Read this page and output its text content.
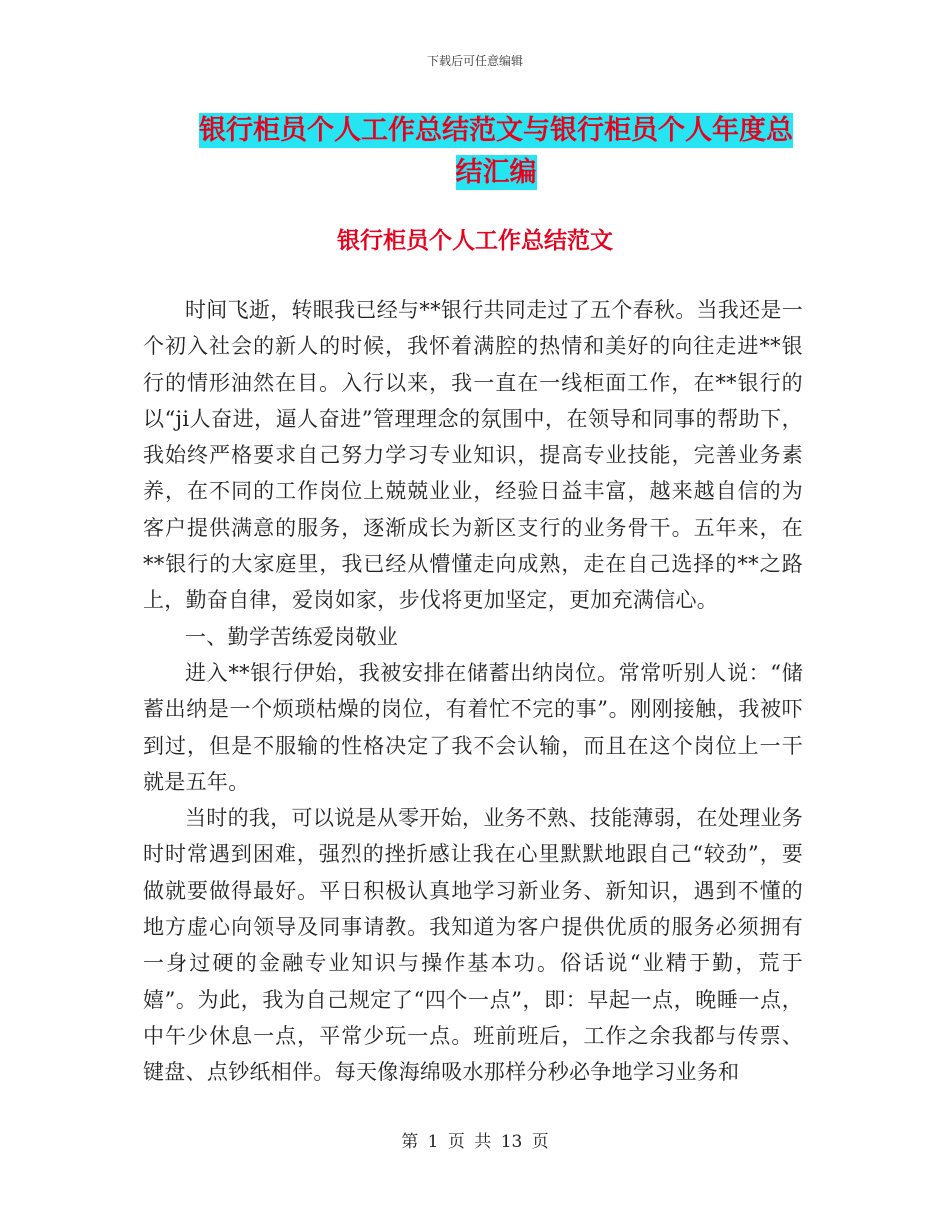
下载后可任意编辑
银行柜员个人工作总结范文与银行柜员个人年度总结汇编
银行柜员个人工作总结范文

时间飞逝，转眼我已经与**银行共同走过了五个春秋。当我还是一个初入社会的新人的时候，我怀着满腔的热情和美好的向往走进**银行的情形油然在目。入行以来，我一直在一线柜面工作，在**银行的以“ji人奋进，逼人奋进”管理理念的氛围中，在领导和同事的帮助下，我始终严格要求自己努力学习专业知识，提高专业技能，完善业务素养，在不同的工作岗位上兢兢业业，经验日益丰富，越来越自信的为客户提供满意的服务，逐渐成长为新区支行的业务骨干。五年来，在**银行的大家庭里，我已经从懵懂走向成熟，走在自己选择的**之路上，勤奋自律，爱岗如家，步伐将更加坚定，更加充满信心。

一、勤学苦练爱岗敬业

进入**银行伊始，我被安排在储蓄出纳岗位。常常听别人说：“储蓄出纳是一个烦琐枯燥的岗位，有着忙不完的事”。刚刚接触，我被吓到过，但是不服输的性格决定了我不会认输，而且在这个岗位上一干就是五年。

当时的我，可以说是从零开始，业务不熟、技能薄弱，在处理业务时时常遇到困难，强烈的挫折感让我在心里默默地跟自己“较劲”，要做就要做得最好。平日积极认真地学习新业务、新知识，遇到不懂的地方虚心向领导及同事请教。我知道为客户提供优质的服务必须拥有一身过硬的金融专业知识与操作基本功。俗话说“业精于勤，荒于嬉”。为此，我为自己规定了“四个一点”，即：早起一点，晚睡一点，中午少休息一点，平常少玩一点。班前班后，工作之余我都与传票、键盘、点钞纸相伴。每天像海绵吸水那样分秒必争地学习业务和

第 1 页 共 13 页
